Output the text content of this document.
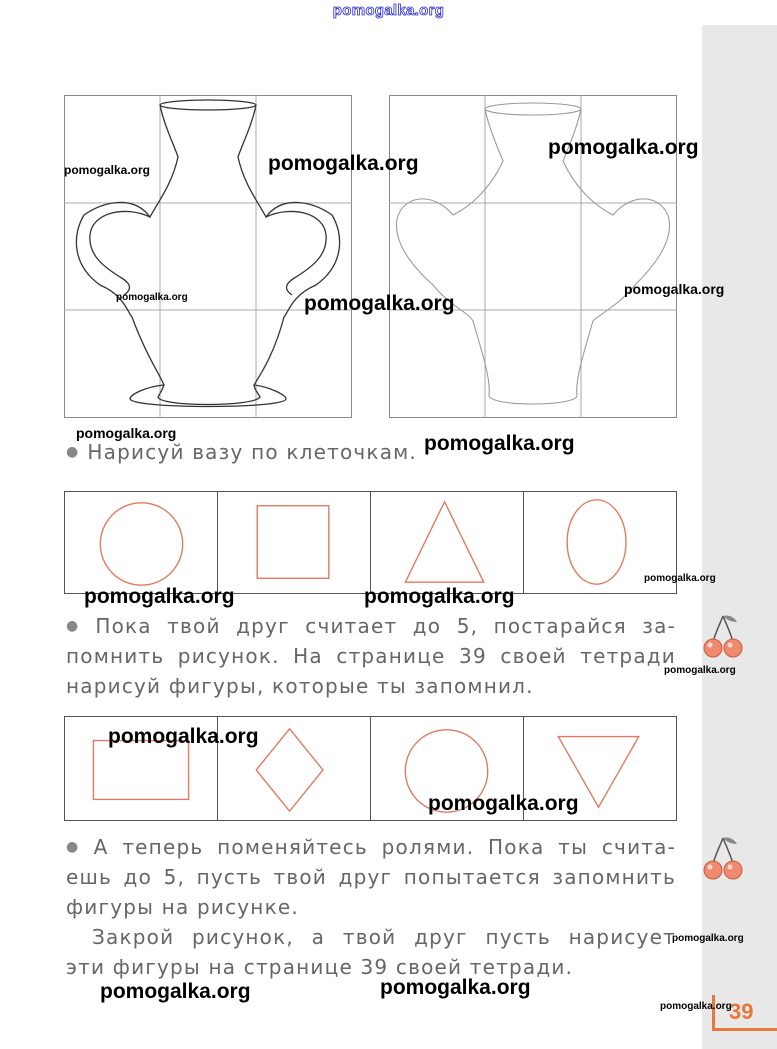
pomogalka.org

● Нарисуй вазу по клеточкам.

● Пока твой друг считает до 5, постарайся за-
помнить рисунок. На странице 39 своей тетради
нарисуй фигуры, которые ты запомнил.
● А теперь поменяйтесь ролями. Пока ты счита-
ешь до 5, пусть твой друг попытается запомнить
фигуры на рисунке.
Закрой рисунок, а твой друг пусть нарисует
эти фигуры на странице 39 своей тетради.
39
pomogalka.org	pomogalka.org
pomogalka.org
pomogalka.org	pomogalka.org
pomogalka.org
pomogalka.org	pomogalka.org
pomogalka.org
pomogalka.org	pomogalka.org
pomogalka.org
pomogalka.org
pomogalka.org
pomogalka.org
pomogalka.org	pomogalka.org
pomogalka.org
